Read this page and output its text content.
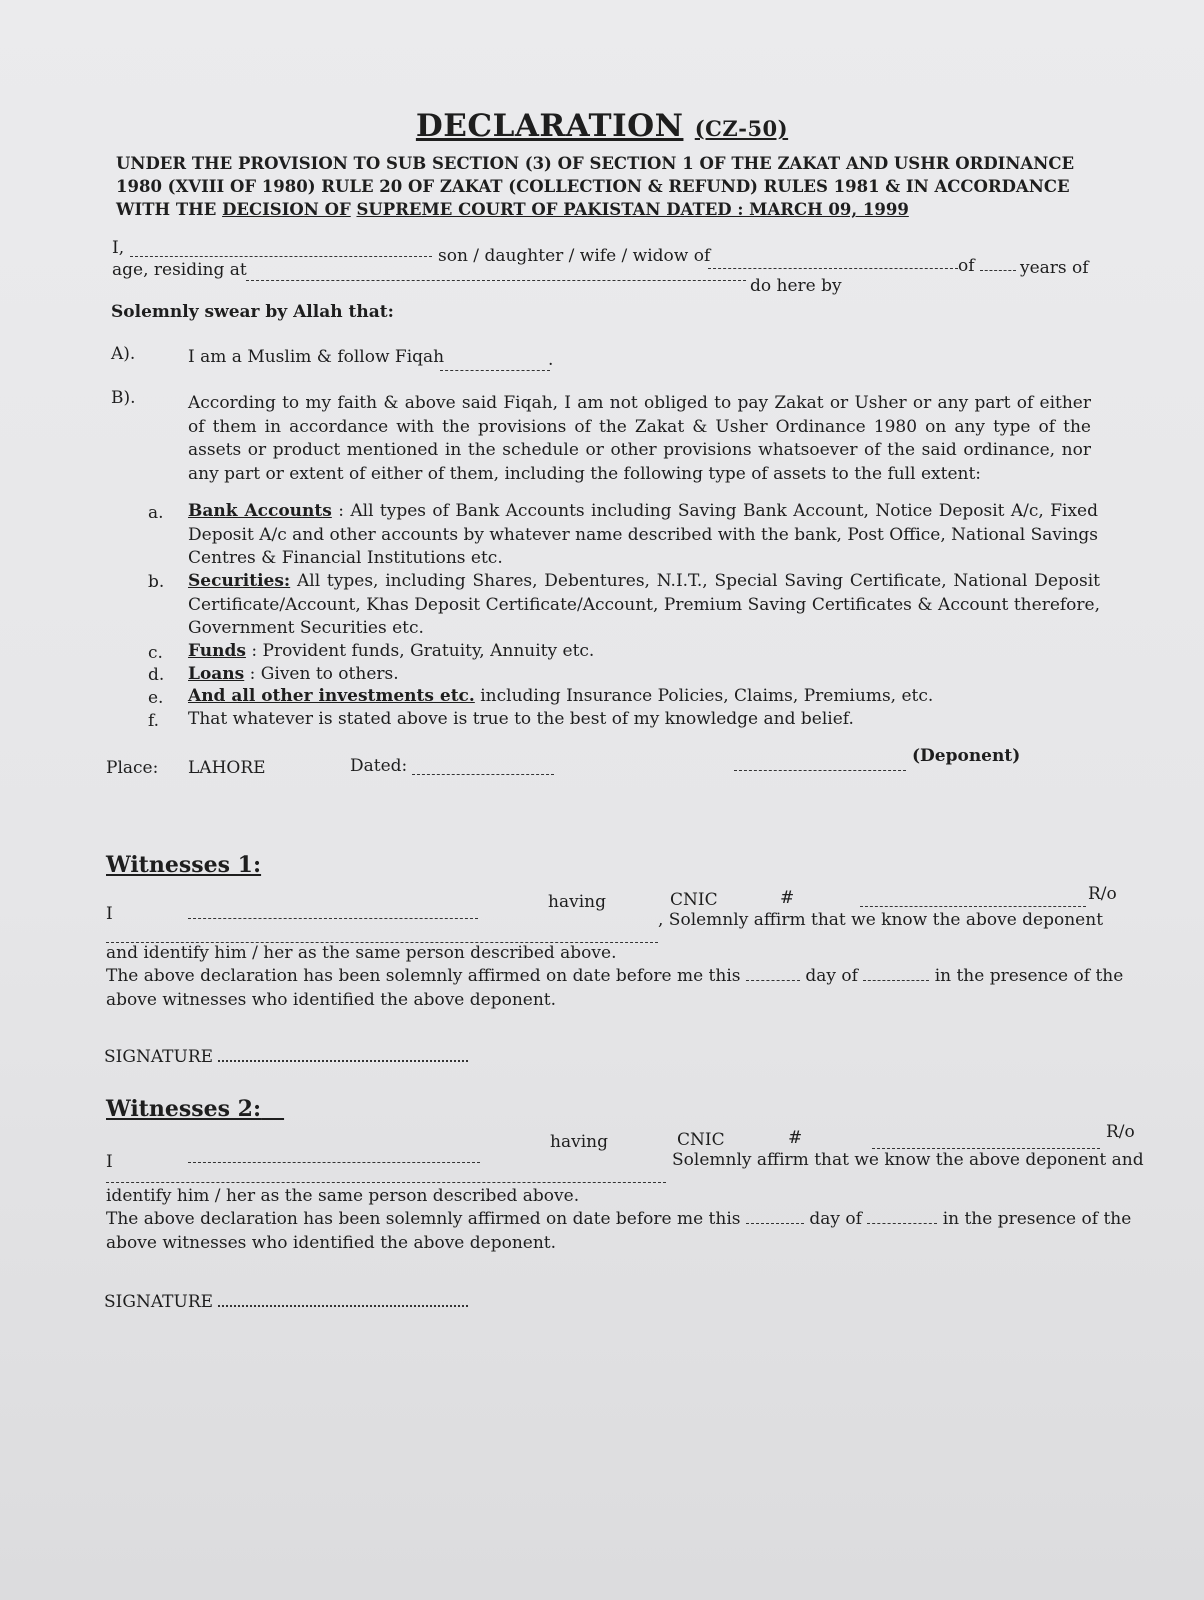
DECLARATION (CZ-50)
UNDER THE PROVISION TO SUB SECTION (3) OF SECTION 1 OF THE ZAKAT AND USHR ORDINANCE 1980 (XVIII OF 1980) RULE 20 OF ZAKAT (COLLECTION & REFUND) RULES 1981 & IN ACCORDANCE WITH THE DECISION OF SUPREME COURT OF PAKISTAN DATED : MARCH 09, 1999
I,	son / daughter / wife / widow of	of	years of
age, residing at
do here by
Solemnly swear by Allah that:
A).	I am a Muslim & follow Fiqah	.
B).	According to my faith & above said Fiqah, I am not obliged to pay Zakat or Usher or any part of either of them in accordance with the provisions of the Zakat & Usher Ordinance 1980 on any type of the assets or product mentioned in the schedule or other provisions whatsoever of the said ordinance, nor any part or extent of either of them, including the following type of assets to the full extent:
a. Bank Accounts : All types of Bank Accounts including Saving Bank Account, Notice Deposit A/c, Fixed Deposit A/c and other accounts by whatever name described with the bank, Post Office, National Savings Centres & Financial Institutions etc.
b. Securities: All types, including Shares, Debentures, N.I.T., Special Saving Certificate, National Deposit Certificate/Account, Khas Deposit Certificate/Account, Premium Saving Certificates & Account therefore, Government Securities etc.
c. Funds : Provident funds, Gratuity, Annuity etc.
d. Loans : Given to others.
e. And all other investments etc. including Insurance Policies, Claims, Premiums, etc.
f. That whatever is stated above is true to the best of my knowledge and belief.
Place: LAHORE	Dated:	(Deponent)
Witnesses 1:
I
having	CNIC	#	R/o
, Solemnly affirm that we know the above deponent
and identify him / her as the same person described above.
The above declaration has been solemnly affirmed on date before me this	day of	in the presence of the
above witnesses who identified the above deponent.
SIGNATURE
Witnesses 2:
I
having	CNIC	#	R/o
Solemnly affirm that we know the above deponent and
identify him / her as the same person described above.
The above declaration has been solemnly affirmed on date before me this	day of	in the presence of the
above witnesses who identified the above deponent.
SIGNATURE
